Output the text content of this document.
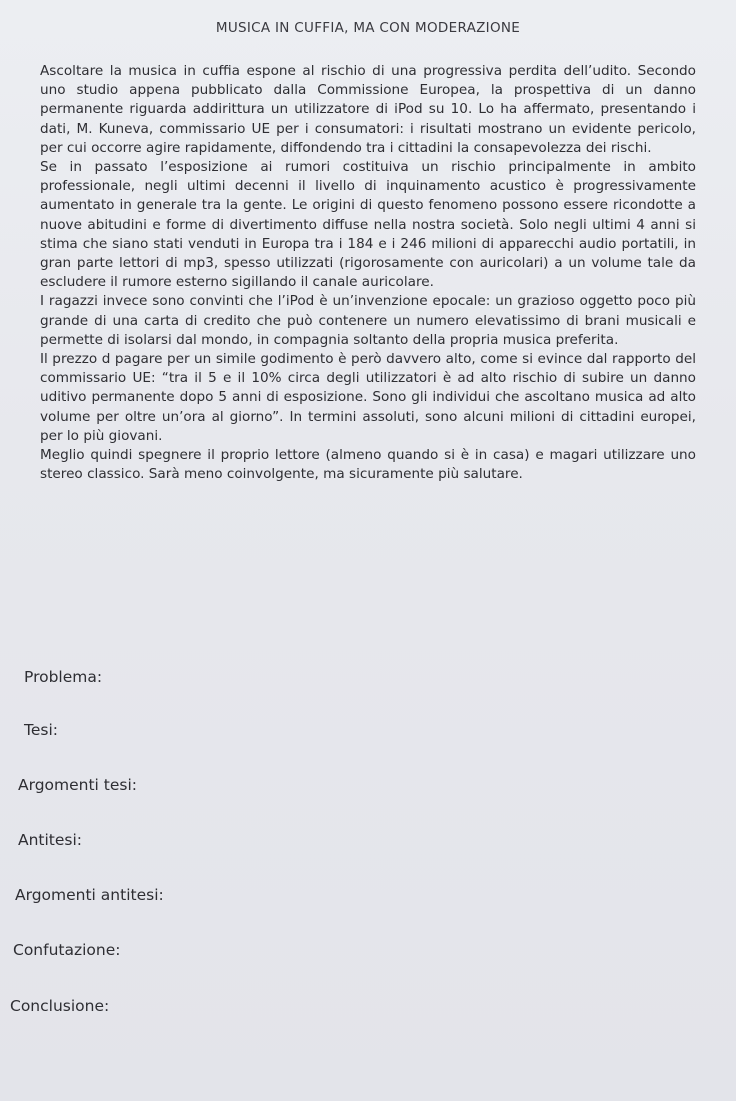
MUSICA IN CUFFIA, MA CON MODERAZIONE

Ascoltare la musica in cuffia espone al rischio di una progressiva perdita dell’udito. Secondo uno studio appena pubblicato dalla Commissione Europea, la prospettiva di un danno permanente riguarda addirittura un utilizzatore di iPod su 10. Lo ha affermato, presentando i dati, M. Kuneva, commissario UE per i consumatori: i risultati mostrano un evidente pericolo, per cui occorre agire rapidamente, diffondendo tra i cittadini la consapevolezza dei rischi.

Se in passato l’esposizione ai rumori costituiva un rischio principalmente in ambito professionale, negli ultimi decenni il livello di inquinamento acustico è progressivamente aumentato in generale tra la gente. Le origini di questo fenomeno possono essere ricondotte a nuove abitudini e forme di divertimento diffuse nella nostra società. Solo negli ultimi 4 anni si stima che siano stati venduti in Europa tra i 184 e i 246 milioni di apparecchi audio portatili, in gran parte lettori di mp3, spesso utilizzati (rigorosamente con auricolari) a un volume tale da escludere il rumore esterno sigillando il canale auricolare.

I ragazzi invece sono convinti che l’iPod è un’invenzione epocale: un grazioso oggetto poco più grande di una carta di credito che può contenere un numero elevatissimo di brani musicali e permette di isolarsi dal mondo, in compagnia soltanto della propria musica preferita.

Il prezzo d pagare per un simile godimento è però davvero alto, come si evince dal rapporto del commissario UE: “tra il 5 e il 10% circa degli utilizzatori è ad alto rischio di subire un danno uditivo permanente dopo 5 anni di esposizione. Sono gli individui che ascoltano musica ad alto volume per oltre un’ora al giorno”. In termini assoluti, sono alcuni milioni di cittadini europei, per lo più giovani.

Meglio quindi spegnere il proprio lettore (almeno quando si è in casa) e magari utilizzare uno stereo classico. Sarà meno coinvolgente, ma sicuramente più salutare.

Problema:
Tesi:
Argomenti tesi:
Antitesi:
Argomenti antitesi:
Confutazione:
Conclusione:
